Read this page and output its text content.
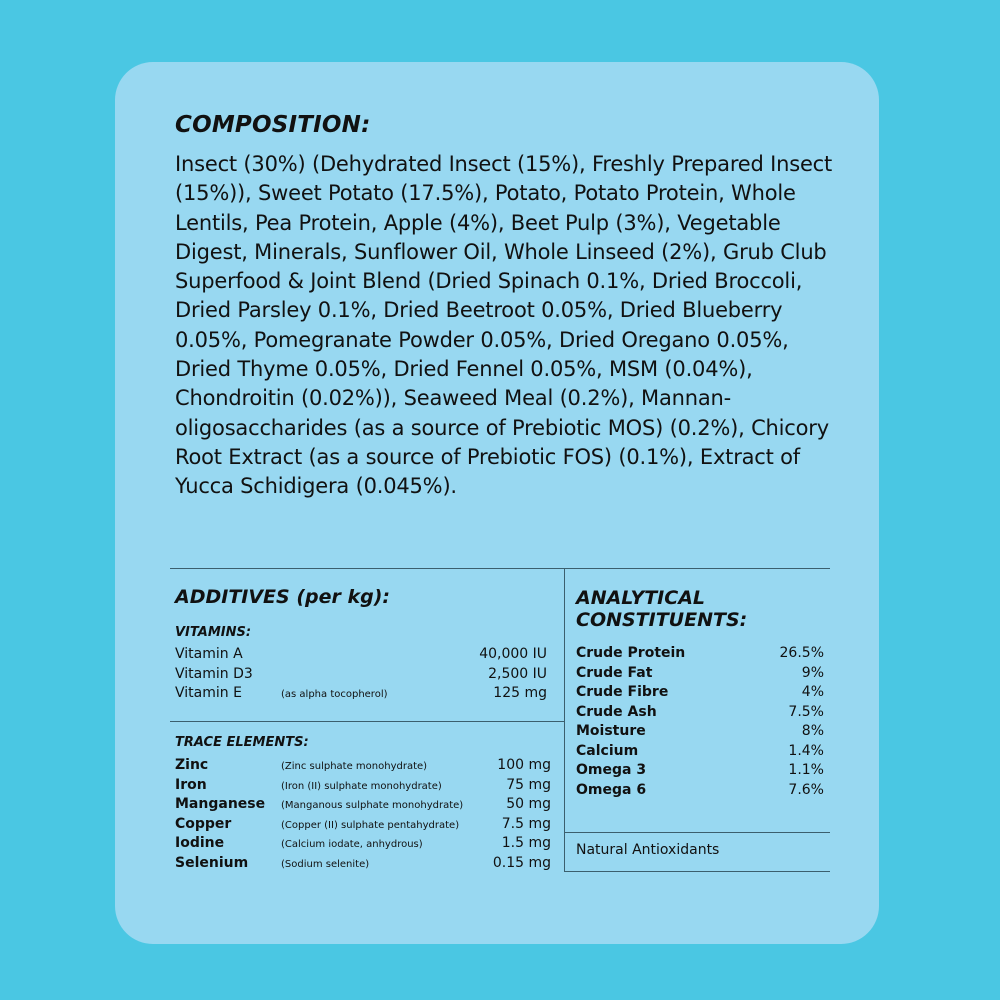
COMPOSITION:

Insect (30%) (Dehydrated Insect (15%), Freshly Prepared Insect (15%)), Sweet Potato (17.5%), Potato, Potato Protein, Whole Lentils, Pea Protein, Apple (4%), Beet Pulp (3%), Vegetable Digest, Minerals, Sunflower Oil, Whole Linseed (2%), Grub Club Superfood & Joint Blend (Dried Spinach 0.1%, Dried Broccoli, Dried Parsley 0.1%, Dried Beetroot 0.05%, Dried Blueberry 0.05%, Pomegranate Powder 0.05%, Dried Oregano 0.05%, Dried Thyme 0.05%, Dried Fennel 0.05%, MSM (0.04%), Chondroitin (0.02%)), Seaweed Meal (0.2%), Mannan-oligosaccharides (as a source of Prebiotic MOS) (0.2%), Chicory Root Extract (as a source of Prebiotic FOS) (0.1%), Extract of Yucca Schidigera (0.045%).

ADDITIVES (per kg):
VITAMINS:
Vitamin A	40,000 IU
Vitamin D3	2,500 IU
Vitamin E	(as alpha tocopherol)	125 mg
TRACE ELEMENTS:
Zinc	(Zinc sulphate monohydrate)	100 mg
Iron	(Iron (II) sulphate monohydrate)	75 mg
Manganese (Manganous sulphate monohydrate)	50 mg
Copper	(Copper (II) sulphate pentahydrate)	7.5 mg
Iodine	(Calcium iodate, anhydrous)	1.5 mg
Selenium	(Sodium selenite)	0.15 mg
ANALYTICAL
CONSTITUENTS:
Crude Protein	26.5%
Crude Fat	9%
Crude Fibre	4%
Crude Ash	7.5%
Moisture	8%
Calcium	1.4%
Omega 3	1.1%
Omega 6	7.6%
Natural Antioxidants
